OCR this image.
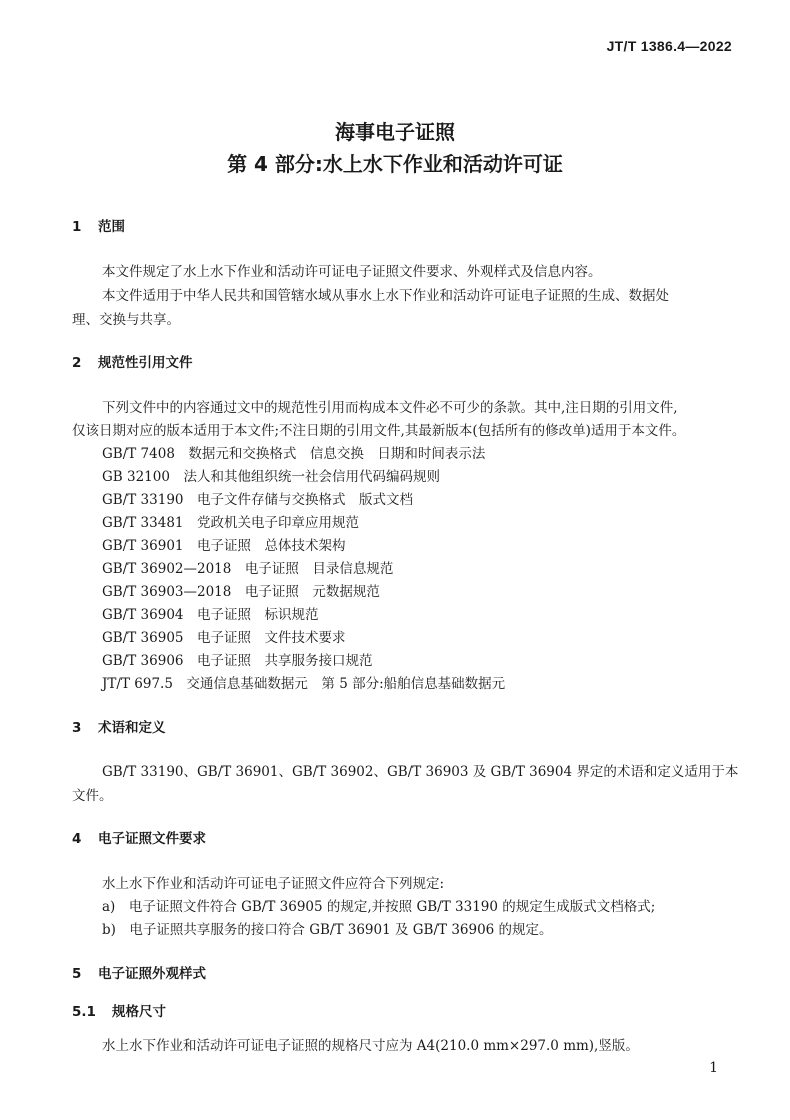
JT/T 1386.4—2022
海事电子证照
第 4 部分:水上水下作业和活动许可证
1 范围
本文件规定了水上水下作业和活动许可证电子证照文件要求、外观样式及信息内容。
本文件适用于中华人民共和国管辖水域从事水上水下作业和活动许可证电子证照的生成、数据处
理、交换与共享。
2 规范性引用文件
下列文件中的内容通过文中的规范性引用而构成本文件必不可少的条款。其中,注日期的引用文件,
仅该日期对应的版本适用于本文件;不注日期的引用文件,其最新版本(包括所有的修改单)适用于本文件。
GB/T 7408　数据元和交换格式　信息交换　日期和时间表示法
GB 32100　法人和其他组织统一社会信用代码编码规则
GB/T 33190　电子文件存储与交换格式　版式文档
GB/T 33481　党政机关电子印章应用规范
GB/T 36901　电子证照　总体技术架构
GB/T 36902—2018　电子证照　目录信息规范
GB/T 36903—2018　电子证照　元数据规范
GB/T 36904　电子证照　标识规范
GB/T 36905　电子证照　文件技术要求
GB/T 36906　电子证照　共享服务接口规范
JT/T 697.5　交通信息基础数据元　第 5 部分:船舶信息基础数据元
3 术语和定义
GB/T 33190、GB/T 36901、GB/T 36902、GB/T 36903 及 GB/T 36904 界定的术语和定义适用于本
文件。
4 电子证照文件要求
水上水下作业和活动许可证电子证照文件应符合下列规定:
a)　电子证照文件符合 GB/T 36905 的规定,并按照 GB/T 33190 的规定生成版式文档格式;
b)　电子证照共享服务的接口符合 GB/T 36901 及 GB/T 36906 的规定。
5 电子证照外观样式
5.1 规格尺寸
水上水下作业和活动许可证电子证照的规格尺寸应为 A4(210.0 mm×297.0 mm),竖版。
1
